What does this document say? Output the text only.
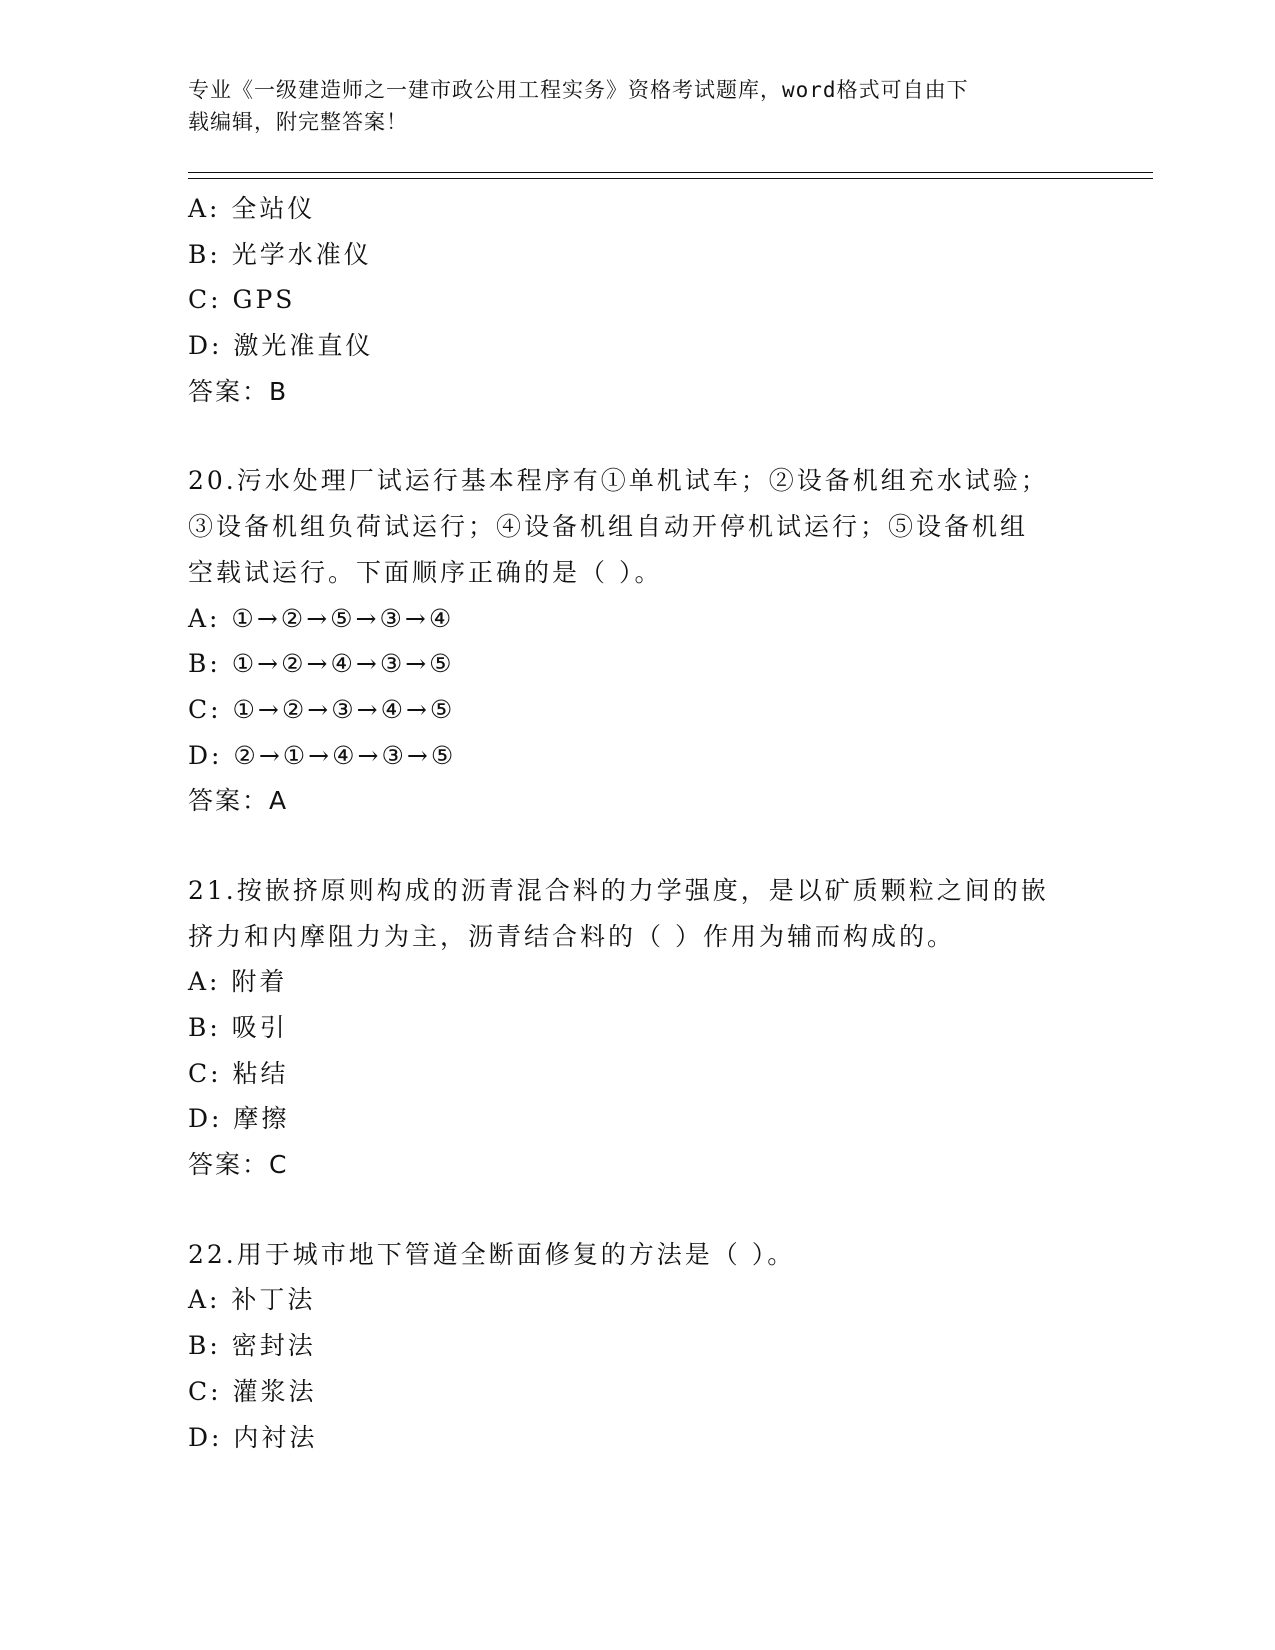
专业《一级建造师之一建市政公用工程实务》资格考试题库，word格式可自由下
载编辑，附完整答案！
A: 全站仪
B: 光学水准仪
C: GPS
D: 激光准直仪
答案：B
20.污水处理厂试运行基本程序有①单机试车；②设备机组充水试验；
③设备机组负荷试运行；④设备机组自动开停机试运行；⑤设备机组
空载试运行。下面顺序正确的是（ ）。
A: ①→②→⑤→③→④
B: ①→②→④→③→⑤
C: ①→②→③→④→⑤
D: ②→①→④→③→⑤
答案：A
21.按嵌挤原则构成的沥青混合料的力学强度，是以矿质颗粒之间的嵌
挤力和内摩阻力为主，沥青结合料的（ ）作用为辅而构成的。
A: 附着
B: 吸引
C: 粘结
D: 摩擦
答案：C
22.用于城市地下管道全断面修复的方法是（ ）。
A: 补丁法
B: 密封法
C: 灌浆法
D: 内衬法
